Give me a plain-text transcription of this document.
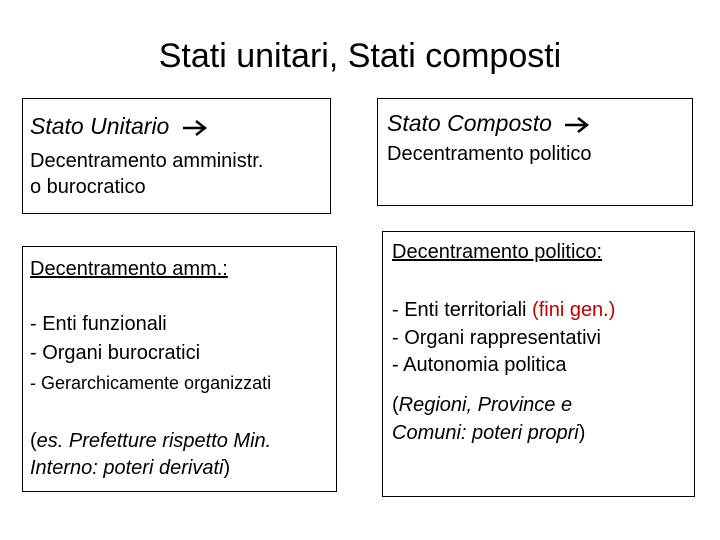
Stati unitari, Stati composti
Stato Unitario
Decentramento amministr.
o burocratico
Stato Composto
Decentramento politico
Decentramento amm.:
- Enti funzionali
- Organi burocratici
- Gerarchicamente organizzati
(es. Prefetture rispetto Min.
Interno: poteri derivati)
Decentramento politico:
- Enti territoriali (fini gen.)
- Organi rappresentativi
- Autonomia politica
(Regioni, Province e
Comuni: poteri propri)
